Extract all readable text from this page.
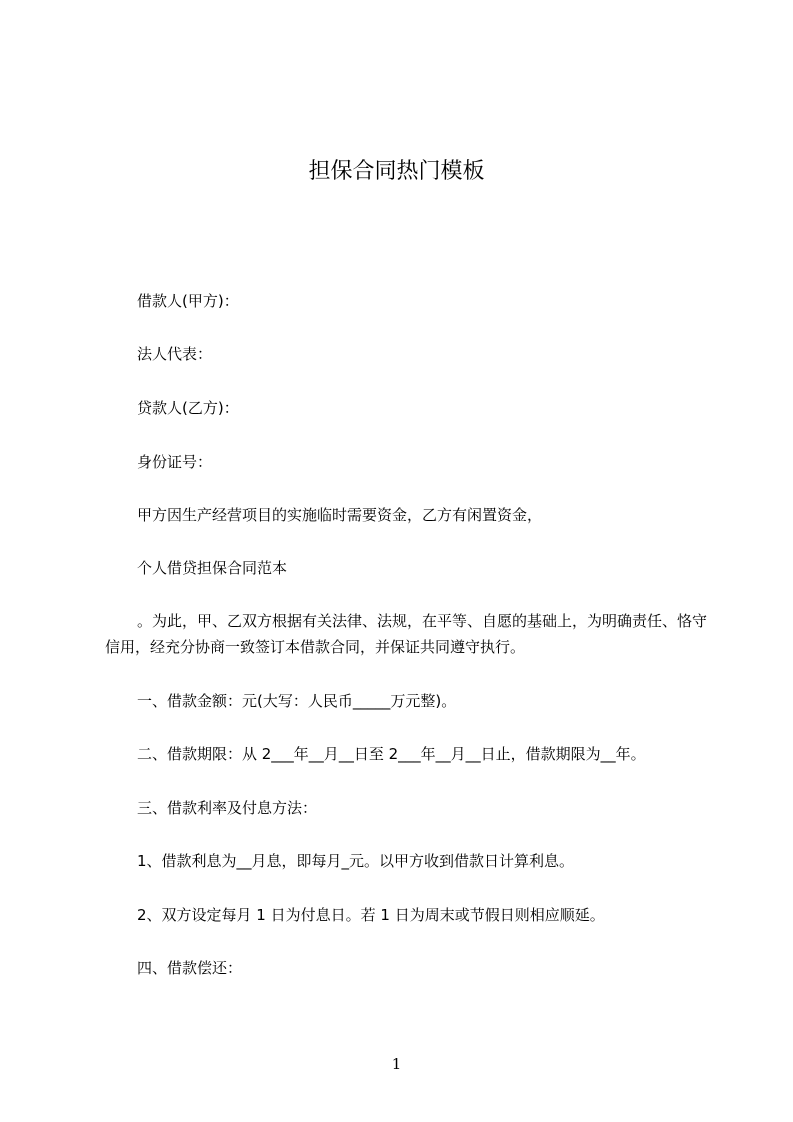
担保合同热门模板

借款人(甲方)：

法人代表：

贷款人(乙方)：

身份证号：

甲方因生产经营项目的实施临时需要资金，乙方有闲置资金，

个人借贷担保合同范本

。为此，甲、乙双方根据有关法律、法规，在平等、自愿的基础上，为明确责任、恪守信用，经充分协商一致签订本借款合同，并保证共同遵守执行。

一、借款金额：元(大写：人民币_____万元整)。

二、借款期限：从 2___年__月__日至 2___年__月__日止，借款期限为__年。

三、借款利率及付息方法：

1、借款利息为__月息，即每月_元。以甲方收到借款日计算利息。

2、双方设定每月 1 日为付息日。若 1 日为周末或节假日则相应顺延。

四、借款偿还：

1
